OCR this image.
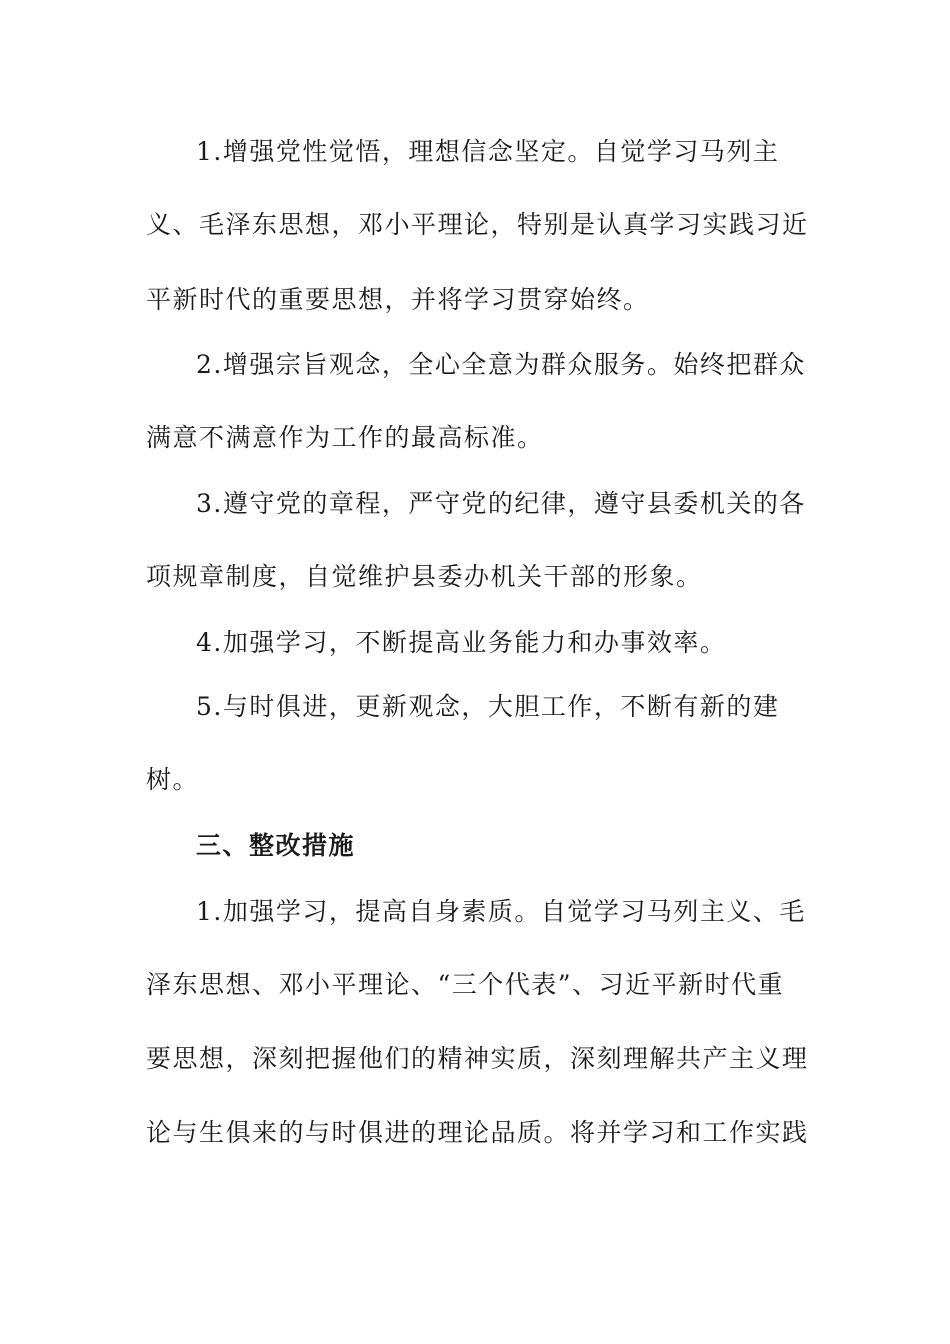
1.增强党性觉悟，理想信念坚定。自觉学习马列主
义、毛泽东思想，邓小平理论，特别是认真学习实践习近
平新时代的重要思想，并将学习贯穿始终。
2.增强宗旨观念，全心全意为群众服务。始终把群众
满意不满意作为工作的最高标准。
3.遵守党的章程，严守党的纪律，遵守县委机关的各
项规章制度，自觉维护县委办机关干部的形象。
4.加强学习，不断提高业务能力和办事效率。
5.与时俱进，更新观念，大胆工作，不断有新的建
树。
三、整改措施
1.加强学习，提高自身素质。自觉学习马列主义、毛
泽东思想、邓小平理论、“三个代表”、习近平新时代重
要思想，深刻把握他们的精神实质，深刻理解共产主义理
论与生俱来的与时俱进的理论品质。将并学习和工作实践
